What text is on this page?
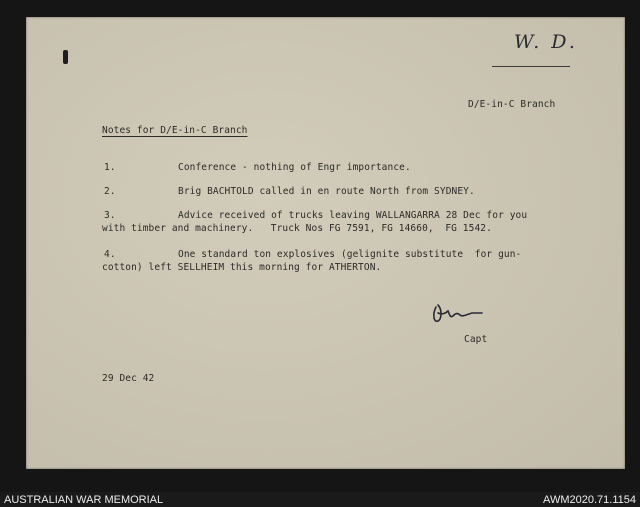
W. D.
D/E-in-C Branch
Notes for D/E-in-C Branch
1.	Conference - nothing of Engr importance.
2.	Brig BACHTOLD called in en route North from SYDNEY.
3.	Advice received of trucks leaving WALLANGARRA 28 Dec for you
with timber and machinery.   Truck Nos FG 7591, FG 14660,  FG 1542.
4.	One standard ton explosives (gelignite substitute  for gun-
cotton) left SELLHEIM this morning for ATHERTON.
Capt
29 Dec 42
AUSTRALIAN WAR MEMORIAL	AWM2020.71.1154
